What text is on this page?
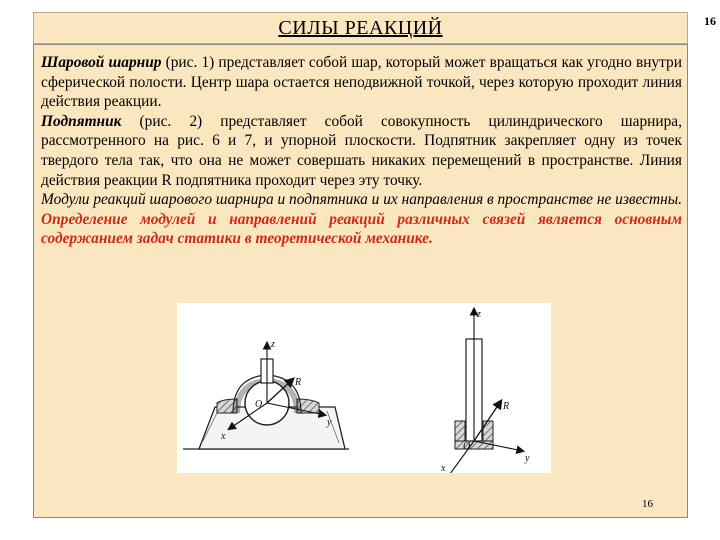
16
СИЛЫ РЕАКЦИЙ

Шаровой шарнир (рис. 1) представляет собой шар, который может вращаться как угодно внутри сферической полости. Центр шара остается неподвижной точкой, через которую проходит линия действия реакции.

Подпятник (рис. 2) представляет собой совокупность цилиндрического шарнира, рассмотренного на рис. 6 и 7, и упорной плоскости. Подпятник закрепляет одну из точек твердого тела так, что она не может совершать никаких перемещений в пространстве. Линия действия реакции R подпятника проходит через эту точку.

Модули реакций шарового шарнира и подпятника и их направления в пространстве не известны.

Определение модулей и направлений реакций различных связей является основным содержанием задач статики в теоретической механике.

z
R
O
y
x
z
R
O
y
x
16
